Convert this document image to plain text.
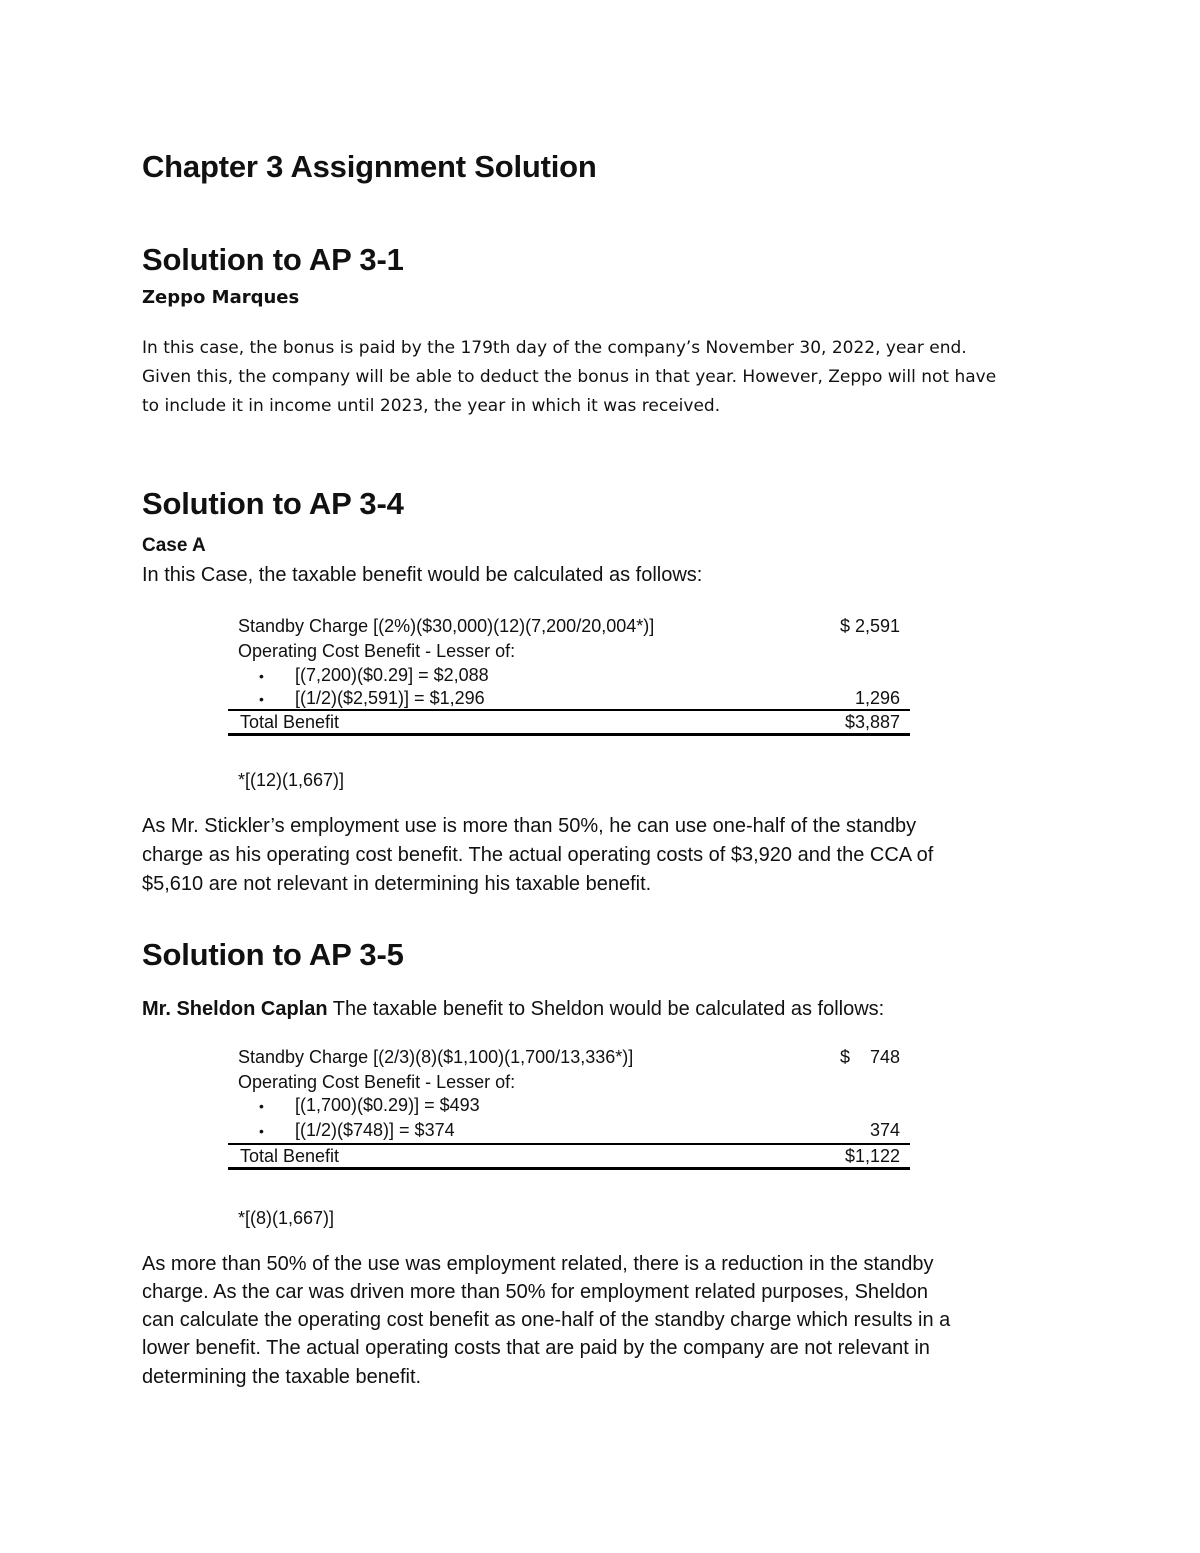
Chapter 3 Assignment Solution
Solution to AP 3-1
Zeppo Marques
In this case, the bonus is paid by the 179th day of the company’s November 30, 2022, year end.
Given this, the company will be able to deduct the bonus in that year. However, Zeppo will not have
to include it in income until 2023, the year in which it was received.
Solution to AP 3-4
Case A
In this Case, the taxable benefit would be calculated as follows:
Standby Charge [(2%)($30,000)(12)(7,200/20,004*)]	$ 2,591
Operating Cost Benefit - Lesser of:
• [(7,200)($0.29] = $2,088
• [(1/2)($2,591)] = $1,296	1,296
Total Benefit	$3,887
*[(12)(1,667)]
As Mr. Stickler’s employment use is more than 50%, he can use one-half of the standby
charge as his operating cost benefit. The actual operating costs of $3,920 and the CCA of
$5,610 are not relevant in determining his taxable benefit.
Solution to AP 3-5
Mr. Sheldon Caplan The taxable benefit to Sheldon would be calculated as follows:
Standby Charge [(2/3)(8)($1,100)(1,700/13,336*)]	$    748
Operating Cost Benefit - Lesser of:
• [(1,700)($0.29)] = $493
• [(1/2)($748)] = $374	374
Total Benefit	$1,122
*[(8)(1,667)]
As more than 50% of the use was employment related, there is a reduction in the standby
charge. As the car was driven more than 50% for employment related purposes, Sheldon
can calculate the operating cost benefit as one-half of the standby charge which results in a
lower benefit. The actual operating costs that are paid by the company are not relevant in
determining the taxable benefit.
